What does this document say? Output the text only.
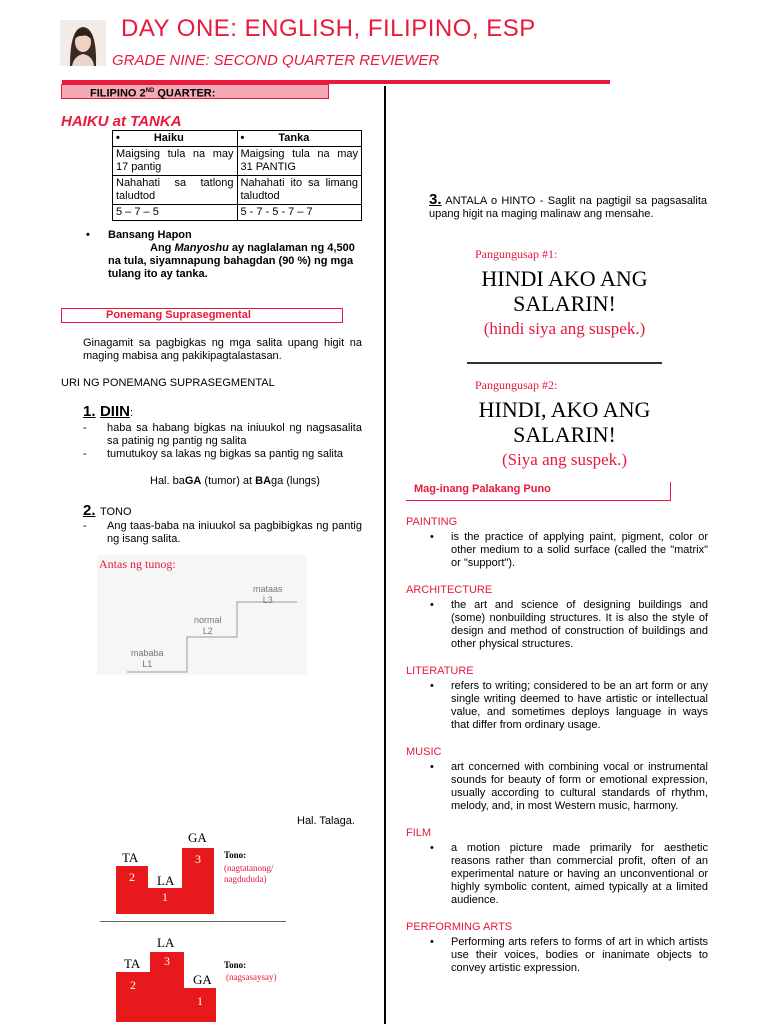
DAY ONE: ENGLISH, FILIPINO, ESP
GRADE NINE: SECOND QUARTER REVIEWER
FILIPINO 2ND QUARTER:
HAIKU at TANKA
• Haiku	• Tanka
Maigsing tula na may 17 pantig	Maigsing tula na may 31 PANTIG
Nahahati sa tatlong taludtod	Nahahati ito sa limang taludtod
5 – 7 – 5	5 - 7 - 5 - 7 – 7
• Bansang Hapon
Ang Manyoshu ay naglalaman ng 4,500 na tula, siyamnapung bahagdan (90 %) ng mga tulang ito ay tanka.
Ponemang Suprasegmental
Ginagamit sa pagbigkas ng mga salita upang higit na maging mabisa ang pakikipagtalastasan.
URI NG PONEMANG SUPRASEGMENTAL
1. DIIN:
- haba sa habang bigkas na iniuukol ng nagsasalita sa patinig ng pantig ng salita
- tumutukoy sa lakas ng bigkas sa pantig ng salita
Hal. baGA (tumor) at BAga (lungs)
2. TONO
- Ang taas-baba na iniuukol sa pagbibigkas ng pantig ng isang salita.
Antas ng tunog:
mababa
L1
normal
L2
mataas
L3
Hal. Talaga.
TA
LA
GA
2
1
3	Tono:
(nagtatanong/ nagdududa)
TA
LA
GA
2
3
1
Tono:
(nagsasaysay)
3. ANTALA o HINTO - Saglit na pagtigil sa pagsasalita upang higit na maging malinaw ang mensahe.
Pangungusap #1:
HINDI AKO ANG
SALARIN!
(hindi siya ang suspek.)
Pangungusap #2:
HINDI, AKO ANG
SALARIN!
(Siya ang suspek.)
Mag-inang Palakang Puno
PAINTING
• is the practice of applying paint, pigment, color or other medium to a solid surface (called the "matrix" or "support").
ARCHITECTURE
• the art and science of designing buildings and (some) nonbuilding structures. It is also the style of design and method of construction of buildings and other physical structures.
LITERATURE
• refers to writing; considered to be an art form or any single writing deemed to have artistic or intellectual value, and sometimes deploys language in ways that differ from ordinary usage.
MUSIC
• art concerned with combining vocal or instrumental sounds for beauty of form or emotional expression, usually according to cultural standards of rhythm, melody, and, in most Western music, harmony.
FILM
• a motion picture made primarily for aesthetic reasons rather than commercial profit, often of an experimental nature or having an unconventional or highly symbolic content, aimed typically at a limited audience.
PERFORMING ARTS
• Performing arts refers to forms of art in which artists use their voices, bodies or inanimate objects to convey artistic expression.
